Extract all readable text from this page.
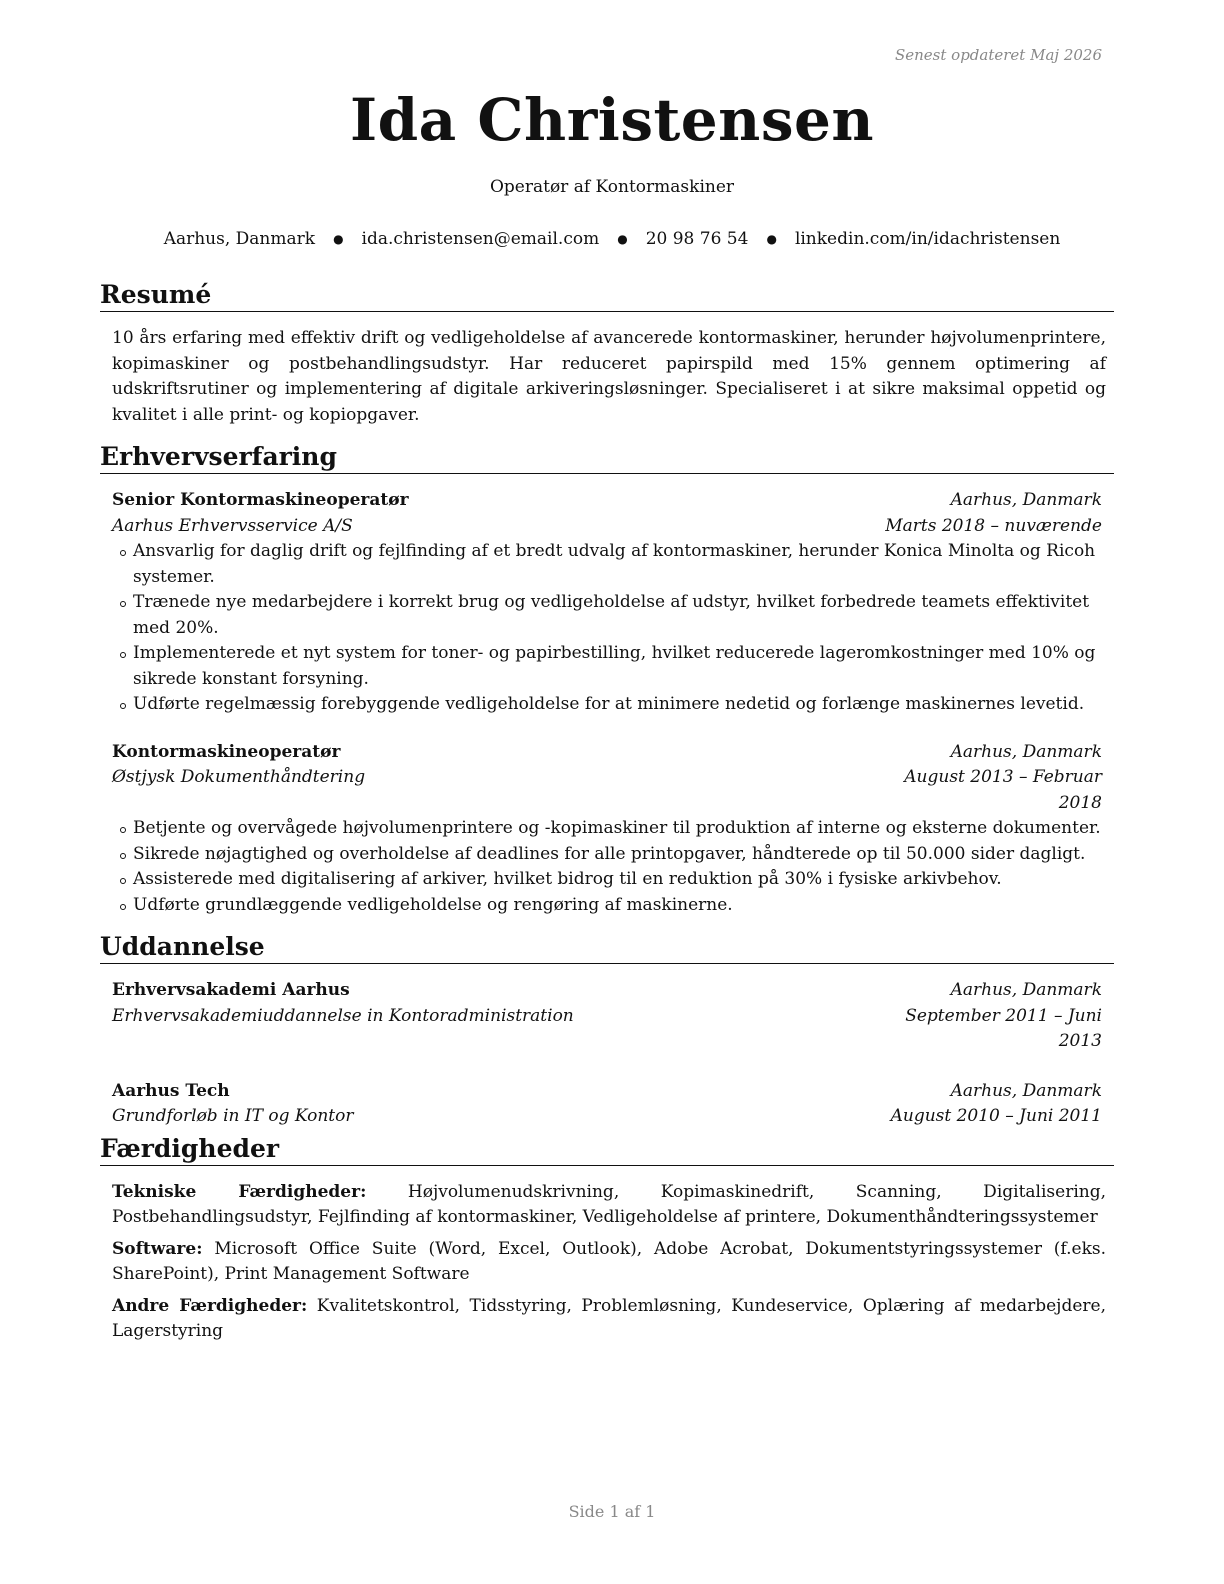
Senest opdateret Maj 2026
Ida Christensen
Operatør af Kontormaskiner
Aarhus, Danmark ● ida.christensen@email.com ● 20 98 76 54 ● linkedin.com/in/idachristensen
Resumé

10 års erfaring med effektiv drift og vedligeholdelse af avancerede kontormaskiner, herunder højvolumenprintere, kopimaskiner og postbehandlingsudstyr. Har reduceret papirspild med 15% gennem optimering af udskriftsrutiner og implementering af digitale arkiveringsløsninger. Specialiseret i at sikre maksimal oppetid og kvalitet i alle print- og kopiopgaver.

Erhvervserfaring
Senior Kontormaskineoperatør	Aarhus, Danmark
Aarhus Erhvervsservice A/S	Marts 2018 – nuværende
Ansvarlig for daglig drift og fejlfinding af et bredt udvalg af kontormaskiner, herunder Konica Minolta og Ricoh systemer.
Trænede nye medarbejdere i korrekt brug og vedligeholdelse af udstyr, hvilket forbedrede teamets effektivitet med 20%.
Implementerede et nyt system for toner- og papirbestilling, hvilket reducerede lageromkostninger med 10% og sikrede konstant forsyning.
Udførte regelmæssig forebyggende vedligeholdelse for at minimere nedetid og forlænge maskinernes levetid.
Kontormaskineoperatør	Aarhus, Danmark
Østjysk Dokumenthåndtering	August 2013 – Februar 2018
Betjente og overvågede højvolumenprintere og -kopimaskiner til produktion af interne og eksterne dokumenter.
Sikrede nøjagtighed og overholdelse af deadlines for alle printopgaver, håndterede op til 50.000 sider dagligt.
Assisterede med digitalisering af arkiver, hvilket bidrog til en reduktion på 30% i fysiske arkivbehov.
Udførte grundlæggende vedligeholdelse og rengøring af maskinerne.
Uddannelse
Erhvervsakademi Aarhus	Aarhus, Danmark
Erhvervsakademiuddannelse in Kontoradministration	September 2011 – Juni 2013
Aarhus Tech	Aarhus, Danmark
Grundforløb in IT og Kontor	August 2010 – Juni 2011
Færdigheder

Tekniske Færdigheder: Højvolumenudskrivning, Kopimaskinedrift, Scanning, Digitalisering, Postbehandlingsudstyr, Fejlfinding af kontormaskiner, Vedligeholdelse af printere, Dokumenthåndteringssystemer

Software: Microsoft Office Suite (Word, Excel, Outlook), Adobe Acrobat, Dokumentstyringssystemer (f.eks. SharePoint), Print Management Software

Andre Færdigheder: Kvalitetskontrol, Tidsstyring, Problemløsning, Kundeservice, Oplæring af medarbejdere, Lagerstyring

Side 1 af 1
